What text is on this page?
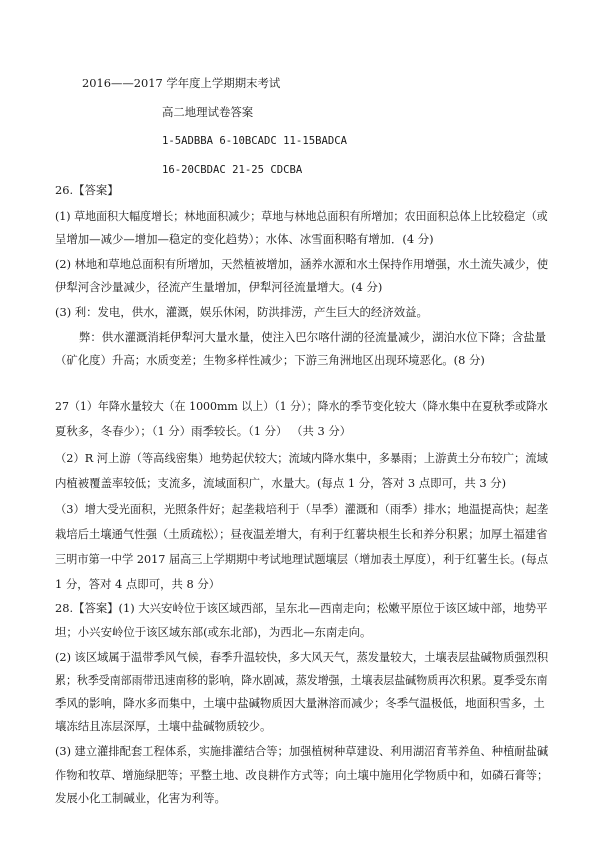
2016——2017 学年度上学期期末考试
高二地理试卷答案
1-5ADBBA 6-10BCADC 11-15BADCA
16-20CBDAC 21-25 CDCBA
26.【答案】
(1) 草地面积大幅度增长；林地面积减少；草地与林地总面积有所增加；农田面积总体上比较稳定（或
呈增加—减少—增加—稳定的变化趋势）；水体、冰雪面积略有增加．(4 分)
(2) 林地和草地总面积有所增加，天然植被增加，涵养水源和水土保持作用增强，水土流失减少，使
伊犁河含沙量减少，径流产生量增加，伊犁河径流量增大。(4 分)
(3) 利：发电，供水，灌溉，娱乐休闲，防洪排涝，产生巨大的经济效益。
弊：供水灌溉消耗伊犁河大量水量，使注入巴尔喀什湖的径流量减少，湖泊水位下降；含盐量
（矿化度）升高；水质变差；生物多样性减少；下游三角洲地区出现环境恶化。(8 分)
27（1）年降水量较大（在 1000mm 以上）（1 分）；降水的季节变化较大（降水集中在夏秋季或降水
夏秋多，冬春少）；（1 分）雨季较长。（1 分） （共 3 分）
（2）R 河上游（等高线密集）地势起伏较大；流域内降水集中，多暴雨；上游黄土分布较广；流域
内植被覆盖率较低；支流多，流域面积广，水量大。(每点 1 分，答对 3 点即可，共 3 分)
（3）增大受光面积，光照条件好；起垄栽培利于（旱季）灌溉和（雨季）排水；地温提高快；起垄
栽培后土壤通气性强（土质疏松）；昼夜温差增大，有利于红薯块根生长和养分积累；加厚土福建省
三明市第一中学 2017 届高三上学期期中考试地理试题壤层（增加表土厚度），利于红薯生长。(每点
1 分，答对 4 点即可，共 8 分）
28.【答案】(1) 大兴安岭位于该区域西部，呈东北—西南走向；松嫩平原位于该区域中部，地势平
坦；小兴安岭位于该区域东部(或东北部)，为西北—东南走向。
(2) 该区域属于温带季风气候，春季升温较快，多大风天气，蒸发量较大，土壤表层盐碱物质强烈积
累；秋季受南部雨带迅速南移的影响，降水剧减，蒸发增强，土壤表层盐碱物质再次积累。夏季受东南
季风的影响，降水多而集中，土壤中盐碱物质因大量淋溶而减少；冬季气温极低，地面积雪多，土
壤冻结且冻层深厚，土壤中盐碱物质较少。
(3) 建立灌排配套工程体系，实施排灌结合等；加强植树种草建设、利用湖沼育苇养鱼、种植耐盐碱
作物和牧草、增施绿肥等；平整土地、改良耕作方式等；向土壤中施用化学物质中和，如磷石膏等；
发展小化工制碱业，化害为利等。
